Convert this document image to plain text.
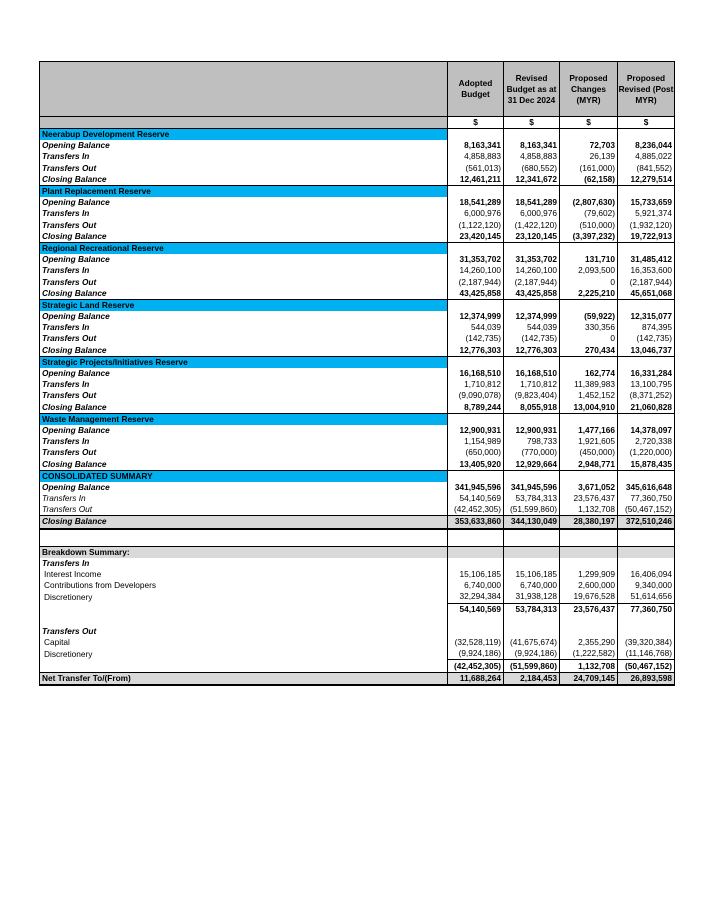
	Adopted Budget	Revised Budget as at 31 Dec 2024	Proposed Changes (MYR)	Proposed Revised (Post MYR)
	$	$	$	$
Neerabup Development Reserve				
Opening Balance	8,163,341	8,163,341	72,703	8,236,044
Transfers In	4,858,883	4,858,883	26,139	4,885,022
Transfers Out	(561,013)	(680,552)	(161,000)	(841,552)
Closing Balance	12,461,211	12,341,672	(62,158)	12,279,514
Plant Replacement Reserve				
Opening Balance	18,541,289	18,541,289	(2,807,630)	15,733,659
Transfers In	6,000,976	6,000,976	(79,602)	5,921,374
Transfers Out	(1,122,120)	(1,422,120)	(510,000)	(1,932,120)
Closing Balance	23,420,145	23,120,145	(3,397,232)	19,722,913
Regional Recreational Reserve				
Opening Balance	31,353,702	31,353,702	131,710	31,485,412
Transfers In	14,260,100	14,260,100	2,093,500	16,353,600
Transfers Out	(2,187,944)	(2,187,944)	0	(2,187,944)
Closing Balance	43,425,858	43,425,858	2,225,210	45,651,068
Strategic Land Reserve				
Opening Balance	12,374,999	12,374,999	(59,922)	12,315,077
Transfers In	544,039	544,039	330,356	874,395
Transfers Out	(142,735)	(142,735)	0	(142,735)
Closing Balance	12,776,303	12,776,303	270,434	13,046,737
Strategic Projects/Initiatives Reserve				
Opening Balance	16,168,510	16,168,510	162,774	16,331,284
Transfers In	1,710,812	1,710,812	11,389,983	13,100,795
Transfers Out	(9,090,078)	(9,823,404)	1,452,152	(8,371,252)
Closing Balance	8,789,244	8,055,918	13,004,910	21,060,828
Waste Management Reserve				
Opening Balance	12,900,931	12,900,931	1,477,166	14,378,097
Transfers In	1,154,989	798,733	1,921,605	2,720,338
Transfers Out	(650,000)	(770,000)	(450,000)	(1,220,000)
Closing Balance	13,405,920	12,929,664	2,948,771	15,878,435
CONSOLIDATED SUMMARY				
Opening Balance	341,945,596	341,945,596	3,671,052	345,616,648
Transfers In	54,140,569	53,784,313	23,576,437	77,360,750
Transfers Out	(42,452,305)	(51,599,860)	1,132,708	(50,467,152)
Closing Balance	353,633,860	344,130,049	28,380,197	372,510,246

Breakdown Summary:				
Transfers In				
Interest Income	15,106,185	15,106,185	1,299,909	16,406,094
Contributions from Developers	6,740,000	6,740,000	2,600,000	9,340,000
Discretionery	32,294,384	31,938,128	19,676,528	51,614,656
	54,140,569	53,784,313	23,576,437	77,360,750

Transfers Out				
Capital	(32,528,119)	(41,675,674)	2,355,290	(39,320,384)
Discretionery	(9,924,186)	(9,924,186)	(1,222,582)	(11,146,768)
	(42,452,305)	(51,599,860)	1,132,708	(50,467,152)
Net Transfer To/(From)	11,688,264	2,184,453	24,709,145	26,893,598
